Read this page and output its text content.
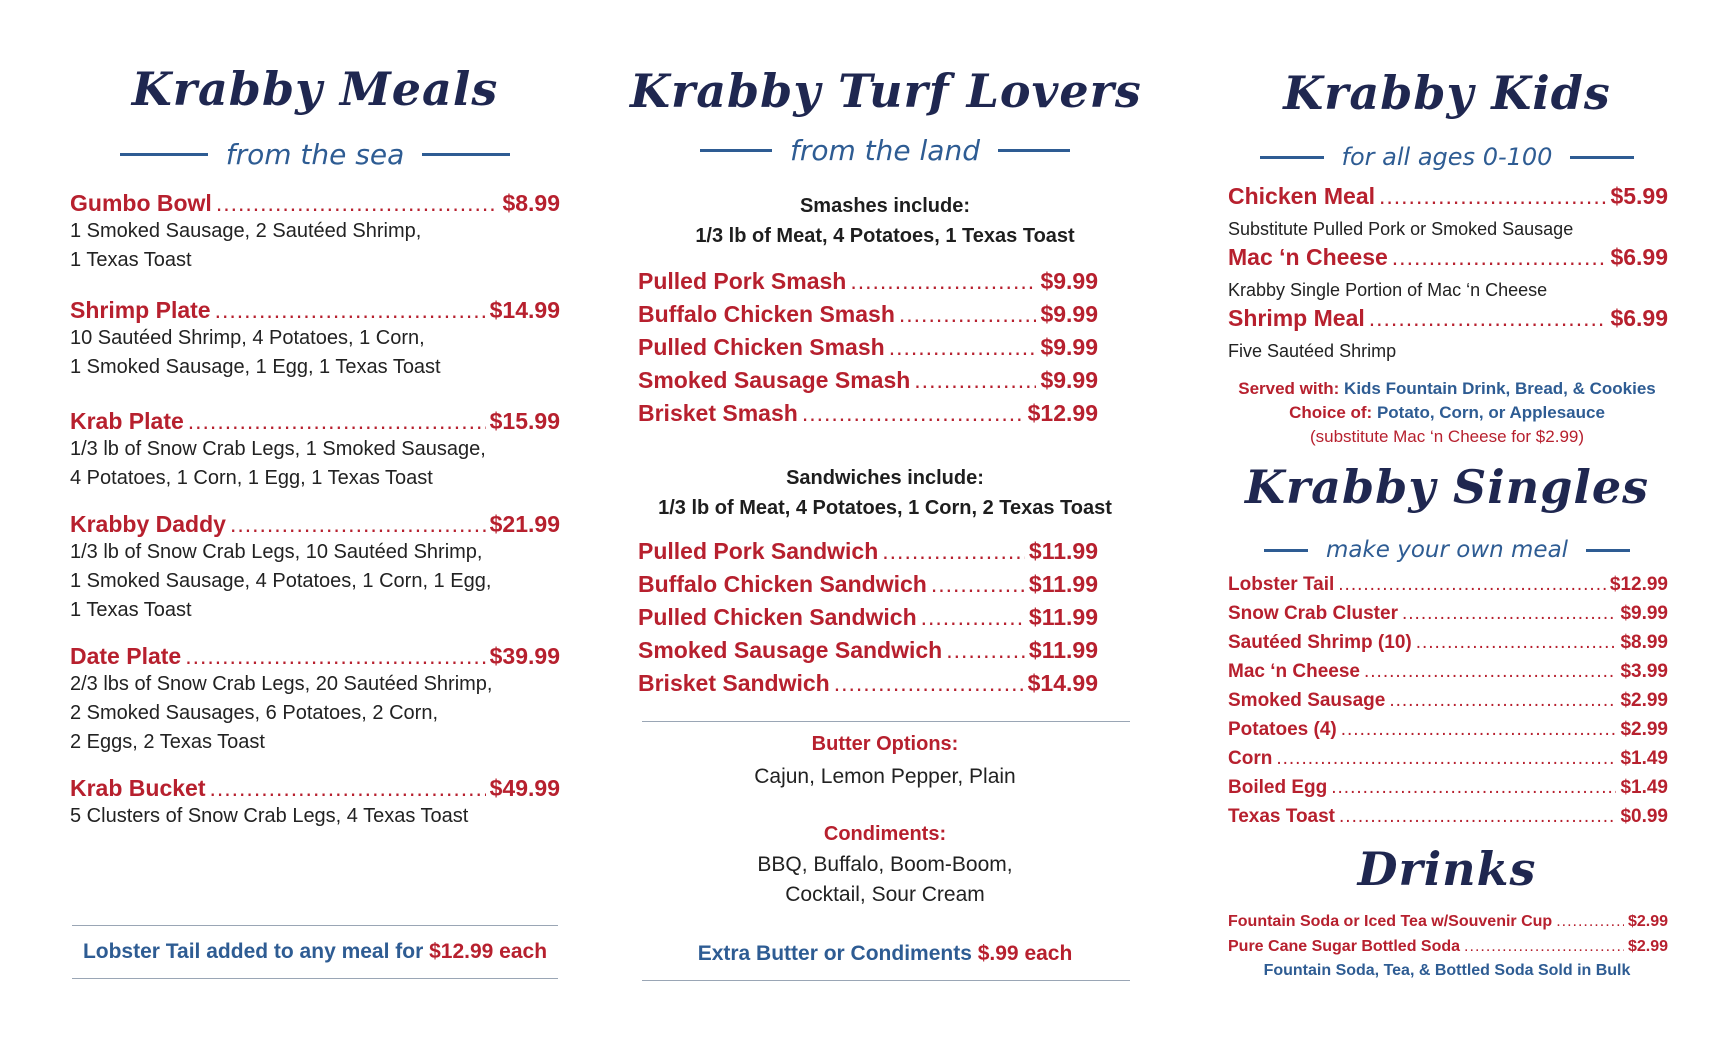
Krabby Meals
from the sea
Gumbo Bowl .....	$8.99
1 Smoked Sausage, 2 Sautéed Shrimp,
1 Texas Toast
Shrimp Plate .....	$14.99
10 Sautéed Shrimp, 4 Potatoes, 1 Corn,
1 Smoked Sausage, 1 Egg, 1 Texas Toast
Krab Plate .....	$15.99
1/3 lb of Snow Crab Legs, 1 Smoked Sausage,
4 Potatoes, 1 Corn, 1 Egg, 1 Texas Toast
Krabby Daddy .....	$21.99
1/3 lb of Snow Crab Legs, 10 Sautéed Shrimp,
1 Smoked Sausage, 4 Potatoes, 1 Corn, 1 Egg,
1 Texas Toast
Date Plate .....	$39.99
2/3 lbs of Snow Crab Legs, 20 Sautéed Shrimp,
2 Smoked Sausages, 6 Potatoes, 2 Corn,
2 Eggs, 2 Texas Toast
Krab Bucket .....	$49.99
5 Clusters of Snow Crab Legs, 4 Texas Toast
Lobster Tail added to any meal for $12.99 each
Krabby Turf Lovers
from the land
Smashes include:
1/3 lb of Meat, 4 Potatoes, 1 Texas Toast
Pulled Pork Smash .....	$9.99
Buffalo Chicken Smash .....	$9.99
Pulled Chicken Smash .....	$9.99
Smoked Sausage Smash .....	$9.99
Brisket Smash .....	$12.99
Sandwiches include:
1/3 lb of Meat, 4 Potatoes, 1 Corn, 2 Texas Toast
Pulled Pork Sandwich .....	$11.99
Buffalo Chicken Sandwich .....	$11.99
Pulled Chicken Sandwich .....	$11.99
Smoked Sausage Sandwich .....	$11.99
Brisket Sandwich .....	$14.99
Butter Options:
Cajun, Lemon Pepper, Plain
Condiments:
BBQ, Buffalo, Boom-Boom,
Cocktail, Sour Cream
Extra Butter or Condiments $.99 each
Krabby Kids
for all ages 0-100
Chicken Meal .....	$5.99
Substitute Pulled Pork or Smoked Sausage
Mac ‘n Cheese .....	$6.99
Krabby Single Portion of Mac ‘n Cheese
Shrimp Meal .....	$6.99
Five Sautéed Shrimp
Served with: Kids Fountain Drink, Bread, & Cookies
Choice of: Potato, Corn, or Applesauce
(substitute Mac ‘n Cheese for $2.99)
Krabby Singles
make your own meal
Lobster Tail .....	$12.99
Snow Crab Cluster .....	$9.99
Sautéed Shrimp (10) .....	$8.99
Mac ‘n Cheese .....	$3.99
Smoked Sausage .....	$2.99
Potatoes (4) .....	$2.99
Corn .....	$1.49
Boiled Egg .....	$1.49
Texas Toast .....	$0.99
Drinks
Fountain Soda or Iced Tea w/Souvenir Cup .....	$2.99
Pure Cane Sugar Bottled Soda .....	$2.99
Fountain Soda, Tea, & Bottled Soda Sold in Bulk
